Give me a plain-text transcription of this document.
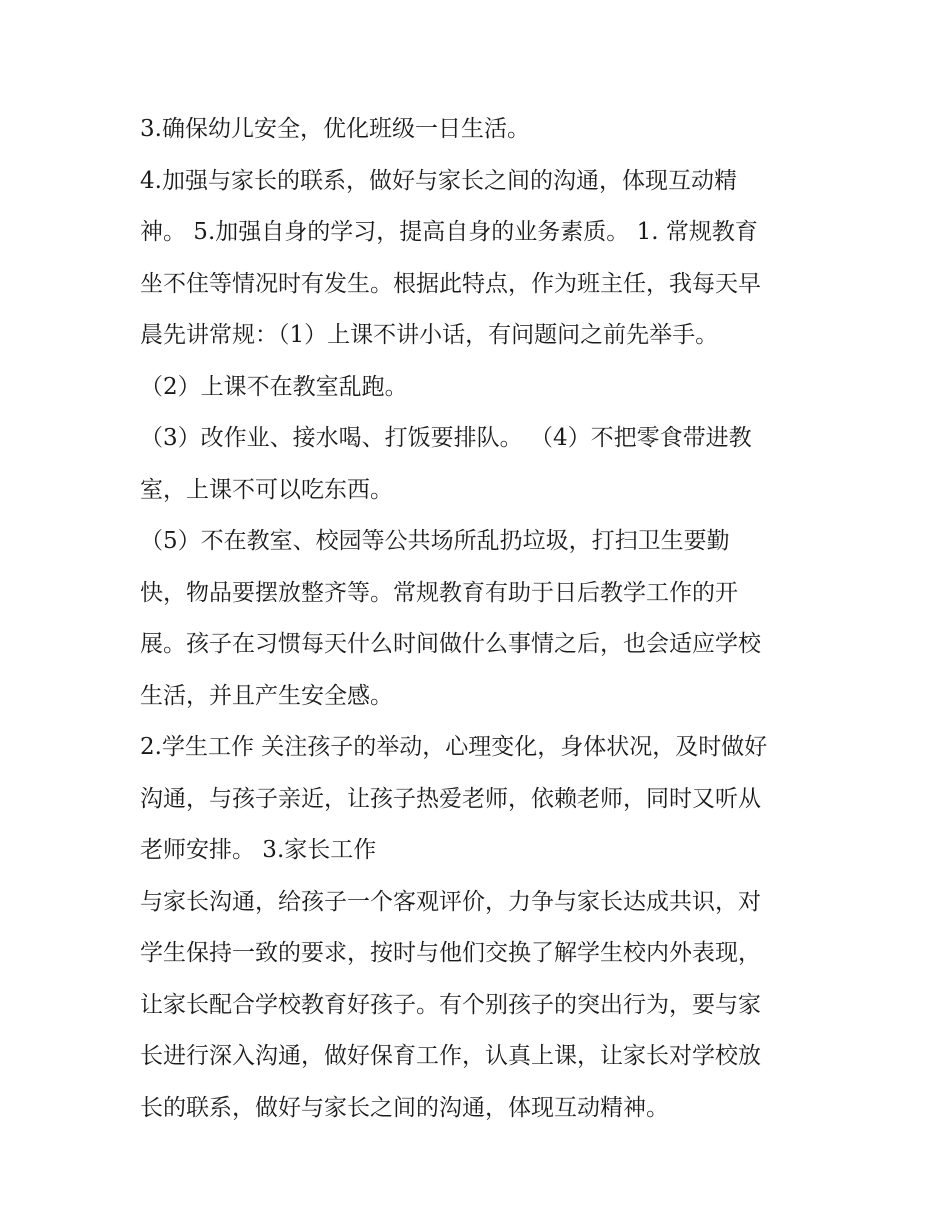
3.确保幼儿安全，优化班级一日生活。
4.加强与家长的联系，做好与家长之间的沟通，体现互动精
神。 5.加强自身的学习，提高自身的业务素质。 1. 常规教育
坐不住等情况时有发生。根据此特点，作为班主任，我每天早
晨先讲常规：（1）上课不讲小话，有问题问之前先举手。
（2）上课不在教室乱跑。
（3）改作业、接水喝、打饭要排队。 （4）不把零食带进教
室，上课不可以吃东西。
（5）不在教室、校园等公共场所乱扔垃圾，打扫卫生要勤
快，物品要摆放整齐等。常规教育有助于日后教学工作的开
展。孩子在习惯每天什么时间做什么事情之后，也会适应学校
生活，并且产生安全感。
2.学生工作 关注孩子的举动，心理变化，身体状况，及时做好
沟通，与孩子亲近，让孩子热爱老师，依赖老师，同时又听从
老师安排。 3.家长工作
与家长沟通，给孩子一个客观评价，力争与家长达成共识，对
学生保持一致的要求，按时与他们交换了解学生校内外表现，
让家长配合学校教育好孩子。有个别孩子的突出行为，要与家
长进行深入沟通，做好保育工作，认真上课，让家长对学校放
长的联系，做好与家长之间的沟通，体现互动精神。
